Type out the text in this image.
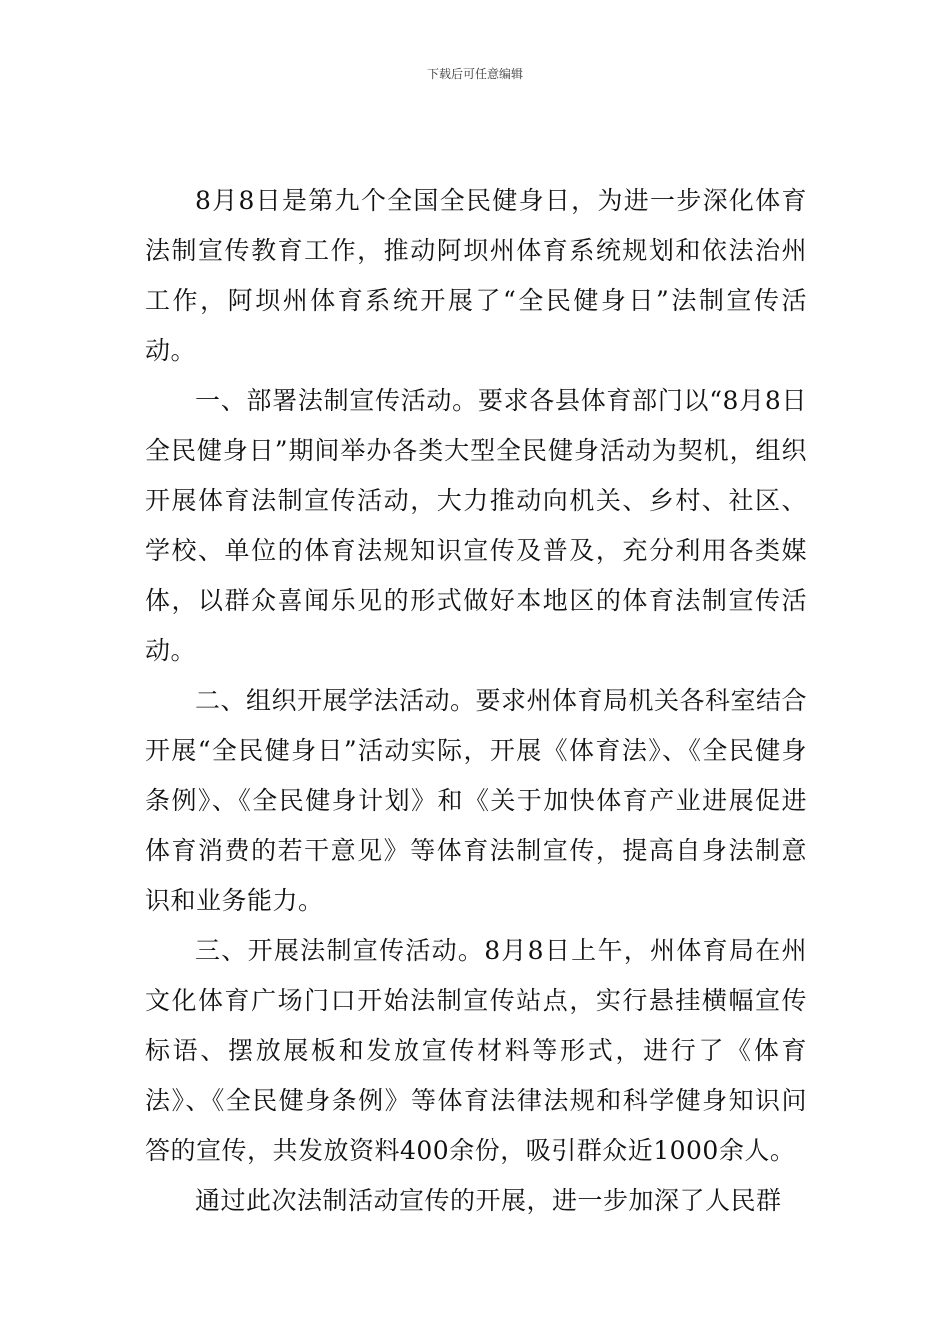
下载后可任意编辑

8月8日是第九个全国全民健身日，为进一步深化体育法制宣传教育工作，推动阿坝州体育系统规划和依法治州工作，阿坝州体育系统开展了“全民健身日”法制宣传活动。

一、部署法制宣传活动。要求各县体育部门以“8月8日全民健身日”期间举办各类大型全民健身活动为契机，组织开展体育法制宣传活动，大力推动向机关、乡村、社区、学校、单位的体育法规知识宣传及普及，充分利用各类媒体，以群众喜闻乐见的形式做好本地区的体育法制宣传活动。

二、组织开展学法活动。要求州体育局机关各科室结合开展“全民健身日”活动实际，开展《体育法》、《全民健身条例》、《全民健身计划》和《关于加快体育产业进展促进体育消费的若干意见》等体育法制宣传，提高自身法制意识和业务能力。

三、开展法制宣传活动。8月8日上午，州体育局在州文化体育广场门口开始法制宣传站点，实行悬挂横幅宣传标语、摆放展板和发放宣传材料等形式，进行了《体育法》、《全民健身条例》等体育法律法规和科学健身知识问答的宣传，共发放资料400余份，吸引群众近1000余人。

通过此次法制活动宣传的开展，进一步加深了人民群
